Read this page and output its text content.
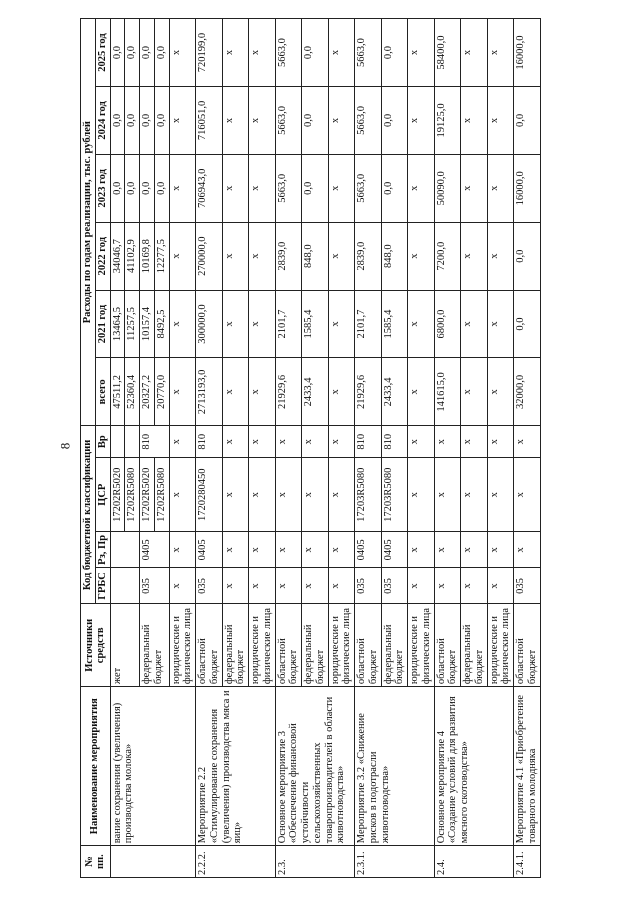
8
№ пп.	Наименование мероприятия	Источники средств	Код бюджетной классификации				Расходы по годам реализации, тыс. рублей					
			ГРБС	Рз, Пр	ЦСР	Вр	всего	2021 год	2022 год	2023 год	2024 год	2025 год
	вание сохранения (увеличения) производства молока»	жет			17202R5020		47511,2	13464,5	34046,7	0,0	0,0	0,0
					17202R5080		52360,4	11257,5	41102,9	0,0	0,0	0,0
		федеральный бюджет	035	0405	17202R5020	810	20327,2	10157,4	10169,8	0,0	0,0	0,0
					17202R5080		20770,0	8492,5	12277,5	0,0	0,0	0,0
		юридические и физические лица	x	x	x	x	x	x	x	x	x	x
2.2.2.	Мероприятие 2.2 «Стимулирование сохранения (увеличения) производства мяса и яиц»	областной бюджет	035	0405	1720280450	810	2713193,0	300000,0	270000,0	706943,0	716051,0	720199,0
		федеральный бюджет	x	x	x	x	x	x	x	x	x	x
		юридические и физические лица	x	x	x	x	x	x	x	x	x	x
2.3.	Основное мероприятие 3 «Обеспечение финансовой устойчивости сельскохозяйственных товаропроизводителей в области животноводства»	областной бюджет	x	x	x	x	21929,6	2101,7	2839,0	5663,0	5663,0	5663,0
		федеральный бюджет	x	x	x	x	2433,4	1585,4	848,0	0,0	0,0	0,0
		юридические и физические лица	x	x	x	x	x	x	x	x	x	x
2.3.1.	Мероприятие 3.2 «Снижение рисков в подотрасли животноводства»	областной бюджет	035	0405	17203R5080	810	21929,6	2101,7	2839,0	5663,0	5663,0	5663,0
		федеральный бюджет	035	0405	17203R5080	810	2433,4	1585,4	848,0	0,0	0,0	0,0
		юридические и физические лица	x	x	x	x	x	x	x	x	x	x
2.4.	Основное мероприятие 4 «Создание условий для развития мясного скотоводства»	областной бюджет	x	x	x	x	141615,0	6800,0	7200,0	50090,0	19125,0	58400,0
		федеральный бюджет	x	x	x	x	x	x	x	x	x	x
		юридические и физические лица	x	x	x	x	x	x	x	x	x	x
2.4.1.	Мероприятие 4.1 «Приобретение товарного молодняка	областной бюджет	035	x	x	x	32000,0	0,0	0,0	16000,0	0,0	16000,0
